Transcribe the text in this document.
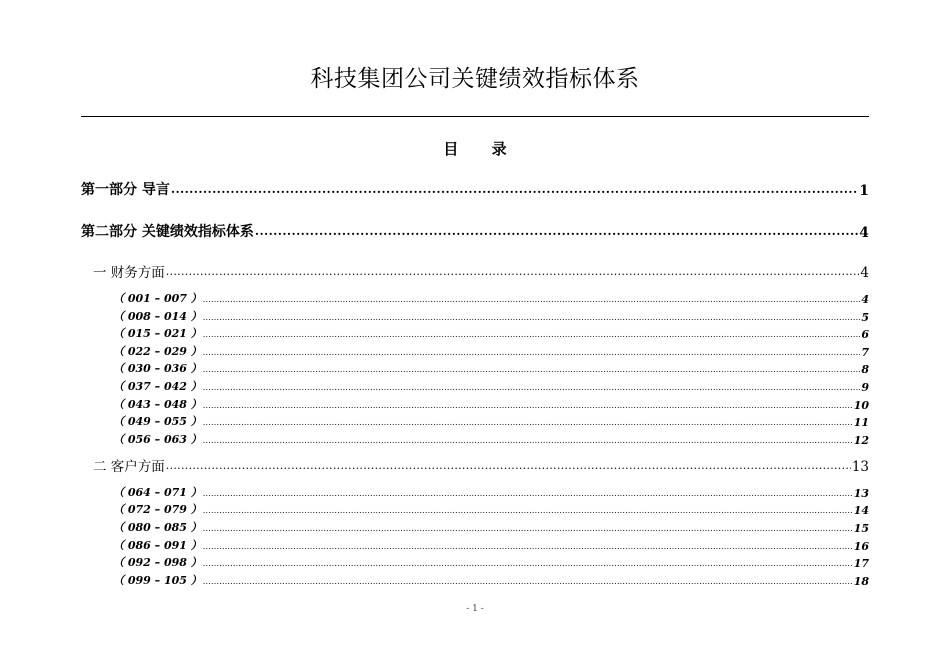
科技集团公司关键绩效指标体系
目 录
第一部分 导言 .....	1
第二部分 关键绩效指标体系 .....	4
一 财务方面 .....	4
（ 001 – 007 ） .....	4
（ 008 – 014 ） .....	5
（ 015 – 021 ） .....	6
（ 022 – 029 ） .....	7
（ 030 – 036 ） .....	8
（ 037 – 042 ） .....	9
（ 043 – 048 ） .....	10
（ 049 – 055 ） .....	11
（ 056 – 063 ） .....	12
二 客户方面 .....	13
（ 064 – 071 ） .....	13
（ 072 – 079 ） .....	14
（ 080 – 085 ） .....	15
（ 086 – 091 ） .....	16
（ 092 – 098 ） .....	17
（ 099 – 105 ） .....	18
- 1 -
